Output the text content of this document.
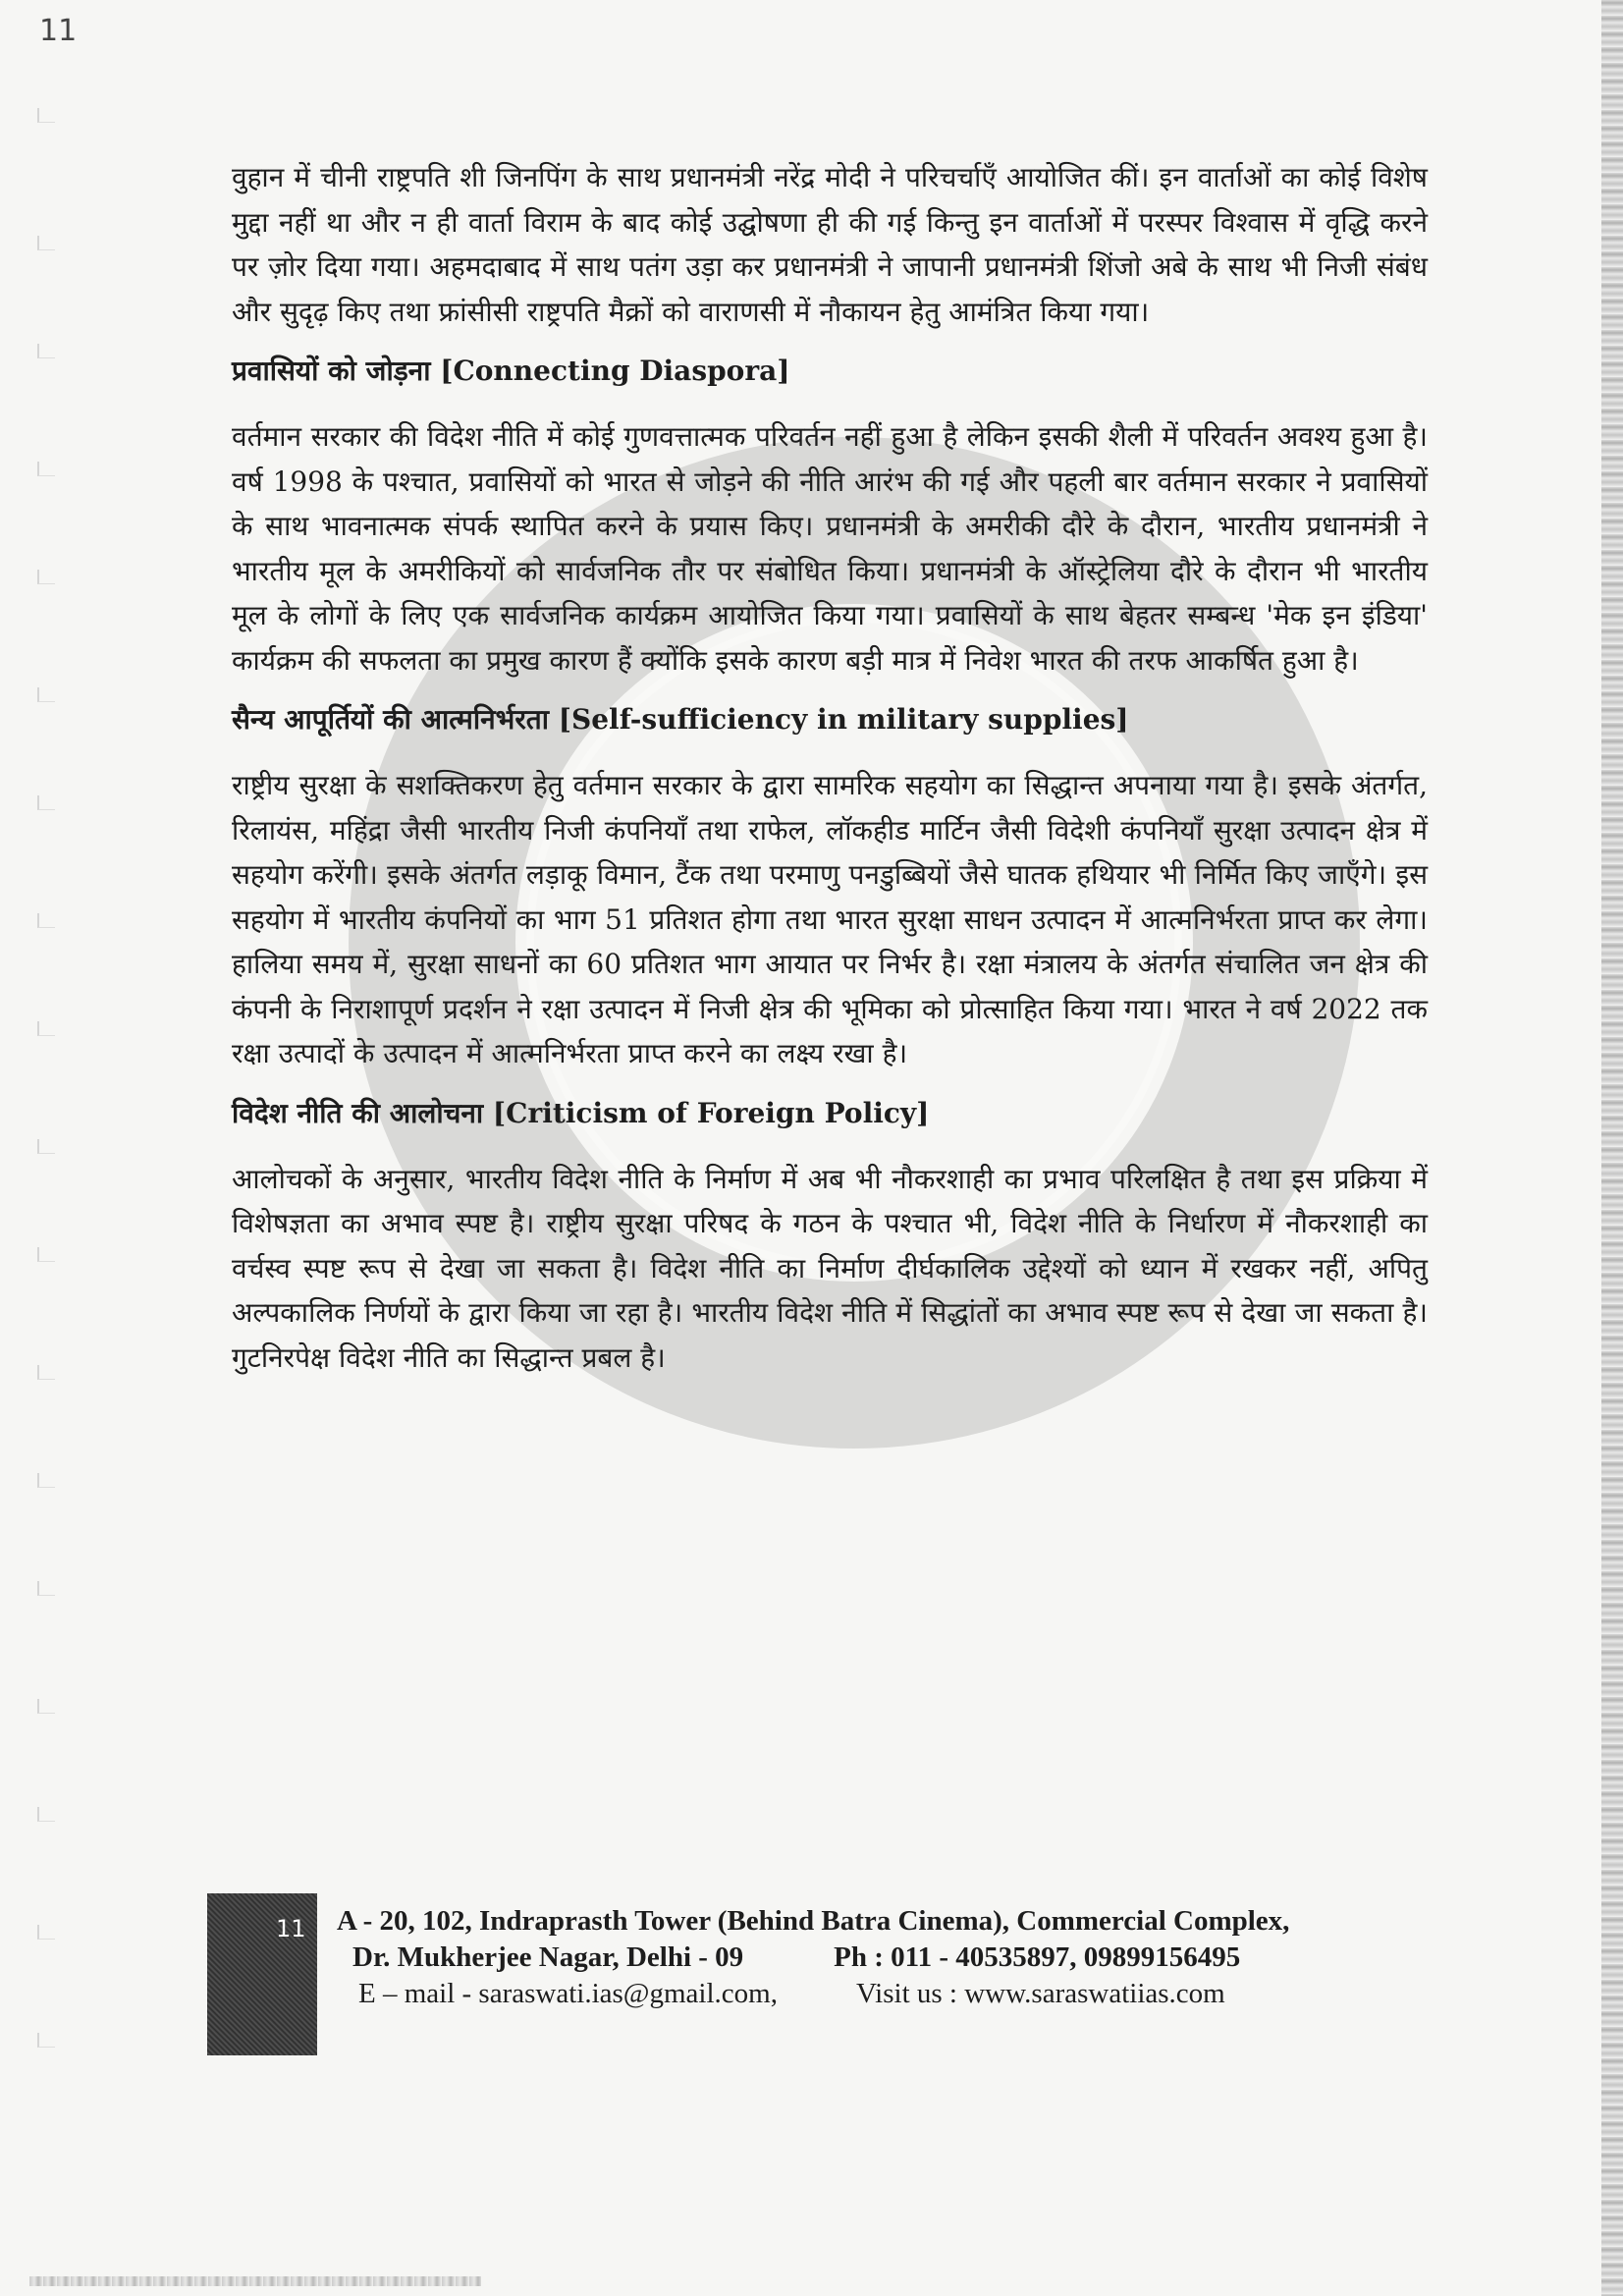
11

वुहान में चीनी राष्ट्रपति शी जिनपिंग के साथ प्रधानमंत्री नरेंद्र मोदी ने परिचर्चाएँ आयोजित कीं। इन वार्ताओं का कोई विशेष मुद्दा नहीं था और न ही वार्ता विराम के बाद कोई उद्घोषणा ही की गई किन्तु इन वार्ताओं में परस्पर विश्वास में वृद्धि करने पर ज़ोर दिया गया। अहमदाबाद में साथ पतंग उड़ा कर प्रधानमंत्री ने जापानी प्रधानमंत्री शिंजो अबे के साथ भी निजी संबंध और सुदृढ़ किए तथा फ्रांसीसी राष्ट्रपति मैक्रों को वाराणसी में नौकायन हेतु आमंत्रित किया गया।

प्रवासियों को जोड़ना [Connecting Diaspora]

वर्तमान सरकार की विदेश नीति में कोई गुणवत्तात्मक परिवर्तन नहीं हुआ है लेकिन इसकी शैली में परिवर्तन अवश्य हुआ है। वर्ष 1998 के पश्चात, प्रवासियों को भारत से जोड़ने की नीति आरंभ की गई और पहली बार वर्तमान सरकार ने प्रवासियों के साथ भावनात्मक संपर्क स्थापित करने के प्रयास किए। प्रधानमंत्री के अमरीकी दौरे के दौरान, भारतीय प्रधानमंत्री ने भारतीय मूल के अमरीकियों को सार्वजनिक तौर पर संबोधित किया। प्रधानमंत्री के ऑस्ट्रेलिया दौरे के दौरान भी भारतीय मूल के लोगों के लिए एक सार्वजनिक कार्यक्रम आयोजित किया गया। प्रवासियों के साथ बेहतर सम्बन्ध 'मेक इन इंडिया' कार्यक्रम की सफलता का प्रमुख कारण हैं क्योंकि इसके कारण बड़ी मात्र में निवेश भारत की तरफ आकर्षित हुआ है।

सैन्य आपूर्तियों की आत्मनिर्भरता [Self-sufficiency in military supplies]

राष्ट्रीय सुरक्षा के सशक्तिकरण हेतु वर्तमान सरकार के द्वारा सामरिक सहयोग का सिद्धान्त अपनाया गया है। इसके अंतर्गत, रिलायंस, महिंद्रा जैसी भारतीय निजी कंपनियाँ तथा राफेल, लॉकहीड मार्टिन जैसी विदेशी कंपनियाँ सुरक्षा उत्पादन क्षेत्र में सहयोग करेंगी। इसके अंतर्गत लड़ाकू विमान, टैंक तथा परमाणु पनडुब्बियों जैसे घातक हथियार भी निर्मित किए जाएँगे। इस सहयोग में भारतीय कंपनियों का भाग 51 प्रतिशत होगा तथा भारत सुरक्षा साधन उत्पादन में आत्मनिर्भरता प्राप्त कर लेगा। हालिया समय में, सुरक्षा साधनों का 60 प्रतिशत भाग आयात पर निर्भर है। रक्षा मंत्रालय के अंतर्गत संचालित जन क्षेत्र की कंपनी के निराशापूर्ण प्रदर्शन ने रक्षा उत्पादन में निजी क्षेत्र की भूमिका को प्रोत्साहित किया गया। भारत ने वर्ष 2022 तक रक्षा उत्पादों के उत्पादन में आत्मनिर्भरता प्राप्त करने का लक्ष्य रखा है।

विदेश नीति की आलोचना [Criticism of Foreign Policy]

आलोचकों के अनुसार, भारतीय विदेश नीति के निर्माण में अब भी नौकरशाही का प्रभाव परिलक्षित है तथा इस प्रक्रिया में विशेषज्ञता का अभाव स्पष्ट है। राष्ट्रीय सुरक्षा परिषद के गठन के पश्चात भी, विदेश नीति के निर्धारण में नौकरशाही का वर्चस्व स्पष्ट रूप से देखा जा सकता है। विदेश नीति का निर्माण दीर्घकालिक उद्देश्यों को ध्यान में रखकर नहीं, अपितु अल्पकालिक निर्णयों के द्वारा किया जा रहा है। भारतीय विदेश नीति में सिद्धांतों का अभाव स्पष्ट रूप से देखा जा सकता है। गुटनिरपेक्ष विदेश नीति का सिद्धान्त प्रबल है।

11 A - 20, 102, Indraprasth Tower (Behind Batra Cinema), Commercial Complex,
Dr. Mukherjee Nagar, Delhi - 09	Ph : 011 - 40535897, 09899156495
E – mail - saraswati.ias@gmail.com,	Visit us : www.saraswatiias.com
